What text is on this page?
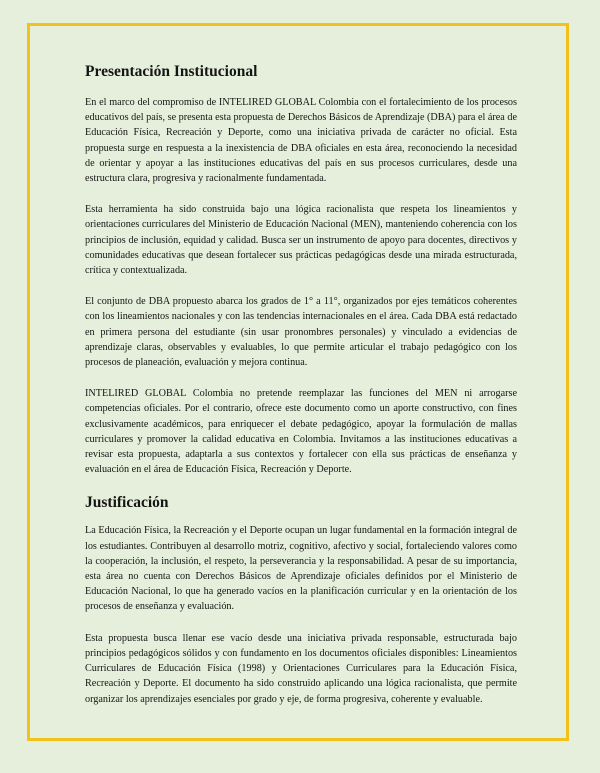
Presentación Institucional

En el marco del compromiso de INTELIRED GLOBAL Colombia con el fortalecimiento de los procesos educativos del país, se presenta esta propuesta de Derechos Básicos de Aprendizaje (DBA) para el área de Educación Física, Recreación y Deporte, como una iniciativa privada de carácter no oficial. Esta propuesta surge en respuesta a la inexistencia de DBA oficiales en esta área, reconociendo la necesidad de orientar y apoyar a las instituciones educativas del país en sus procesos curriculares, desde una estructura clara, progresiva y racionalmente fundamentada.

Esta herramienta ha sido construida bajo una lógica racionalista que respeta los lineamientos y orientaciones curriculares del Ministerio de Educación Nacional (MEN), manteniendo coherencia con los principios de inclusión, equidad y calidad. Busca ser un instrumento de apoyo para docentes, directivos y comunidades educativas que desean fortalecer sus prácticas pedagógicas desde una mirada estructurada, crítica y contextualizada.

El conjunto de DBA propuesto abarca los grados de 1° a 11°, organizados por ejes temáticos coherentes con los lineamientos nacionales y con las tendencias internacionales en el área. Cada DBA está redactado en primera persona del estudiante (sin usar pronombres personales) y vinculado a evidencias de aprendizaje claras, observables y evaluables, lo que permite articular el trabajo pedagógico con los procesos de planeación, evaluación y mejora continua.

INTELIRED GLOBAL Colombia no pretende reemplazar las funciones del MEN ni arrogarse competencias oficiales. Por el contrario, ofrece este documento como un aporte constructivo, con fines exclusivamente académicos, para enriquecer el debate pedagógico, apoyar la formulación de mallas curriculares y promover la calidad educativa en Colombia. Invitamos a las instituciones educativas a revisar esta propuesta, adaptarla a sus contextos y fortalecer con ella sus prácticas de enseñanza y evaluación en el área de Educación Física, Recreación y Deporte.

Justificación

La Educación Física, la Recreación y el Deporte ocupan un lugar fundamental en la formación integral de los estudiantes. Contribuyen al desarrollo motriz, cognitivo, afectivo y social, fortaleciendo valores como la cooperación, la inclusión, el respeto, la perseverancia y la responsabilidad. A pesar de su importancia, esta área no cuenta con Derechos Básicos de Aprendizaje oficiales definidos por el Ministerio de Educación Nacional, lo que ha generado vacíos en la planificación curricular y en la orientación de los procesos de enseñanza y evaluación.

Esta propuesta busca llenar ese vacío desde una iniciativa privada responsable, estructurada bajo principios pedagógicos sólidos y con fundamento en los documentos oficiales disponibles: Lineamientos Curriculares de Educación Física (1998) y Orientaciones Curriculares para la Educación Física, Recreación y Deporte. El documento ha sido construido aplicando una lógica racionalista, que permite organizar los aprendizajes esenciales por grado y eje, de forma progresiva, coherente y evaluable.
